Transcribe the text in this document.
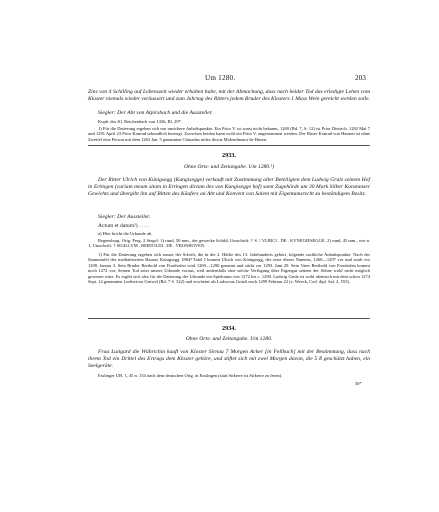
Um 1280.	203
Zins von 4 Schilling auf Lebenszeit wieder erhalten habe, mit der Abmachung, dass nach beider Tod das erledigte Lehen vom Kloster niemals wieder veräussert und zum Jahrtag des Ritters jedem Bruder des Klosters 1 Mass Wein gereicht werden solle.
Siegler: Der Abt von Alpirsbach und die Aussteller.
Kopb. des Kl. Reichenbach von 1436, Bl. 29*.
1) Für die Datierung ergeben sich nur unsichere Anhaltspunkte. Ein Prior V. ist sonst nicht bekannt, 1269 (Bd. 7, S. 12) ist Prior Dietrich, 1282 Mai 7 und 1291 April 23 Prior Konrad urkundlich bezeugt. Zwischen beiden kann wohl ein Prior V. angenommen werden. Der Ritter Konrad von Hausen ist ohne Zweifel eine Person mit dem 1263 Jan. 5 genannten Cûnradus miles dictus Molendinator de Husen.
2933.
Ohne Orts- und Zeitangabe. Um 1280.¹)
Der Ritter Ulrich von Künigsegg (Kungisegge) verkauft mit Zustimmung aller Beteiligten dem Ludwig Grulz seinem Hof in Ertingen (curiam meam sitam in Ertingen dictam des von Kungisegge hof) samt Zugehörde um 30 Mark Silber Konstanzer Gewichts und übergibt ihn auf Bitten des Käufers an Abt und Konvent von Salem mit Eigentumsrecht zu beständigem Besitz.
Siegler: Der Aussteller.
Actum et datum²) . . . .
a) Hier bricht die Urkunde ab.
Regensburg. Orig. Perg. 2 Siegel: 1) rund, 50 mm., der gewecke Schild; Umschrift: † S. ⁝ VLRICI . DE . KVNEGIESEGGE. 2) rund, 45 mm., wie n. 1; Umschrift: † SIGILLVM . BERTOLDI . DE . VRONHOVEN.
1) Für die Datierung ergeben sich ausser der Schrift, die in die 2. Hälfte des 13. Jahrhunderts gehört, folgende sachliche Anhaltspunkte. Nach der Stammtafel des mediatisierten Hauses Königsegg 1884⁴ Tafel I kommt Ulrich von Königsegg, der erste dieses Namens, 1266—1297 vor und starb vor 1298. Januar 3. Sein Bruder Berthold von Fronhofen wird 1269—1290 genannt und stirbt vor 1293. Juni 29. Sein Vater Berthold von Fronhofen kommt noch 1272 vor. Seinen Tod setzt unsere Urkunde voraus, weil andernfalls eine solche Verfügung über Eigengut seitens der Söhne wohl nicht möglich gewesen wäre. Es ergibt sich also für die Datierung der Urkunde ein Spielraum von 1272 bis c. 1290. Ludwig Grulz ist wohl identisch mit dem schon 1274 Sept. 14 genannten Ludewicus Grüwel (Bd. 7 S. 322) und erscheint als Ludwicus Grüzli noch 1299 Februar 22 (v. Weech, Cod. dipl. Sal. 2, 553).
2934.
Ohne Orts- und Zeitangabe. Um 1280.
Frau Luitgard die Wührichin kauft von Kloster Sirnau 7 Morgen Acker [in Fellbach] mit der Bestimmung, dass nach ihrem Tod ein Drittel des Ertrags dem Kloster gehöre, und stiftet sich mit zwei Morgen davon, die 5 ß geschätzt haben, ein Seelgeräte.
Esslinger UB. 1, 45 n. 154 nach dem deutschen Orig. in Esslingen (statt Sirkerre ist Sirkerre zu lesen).
30*
